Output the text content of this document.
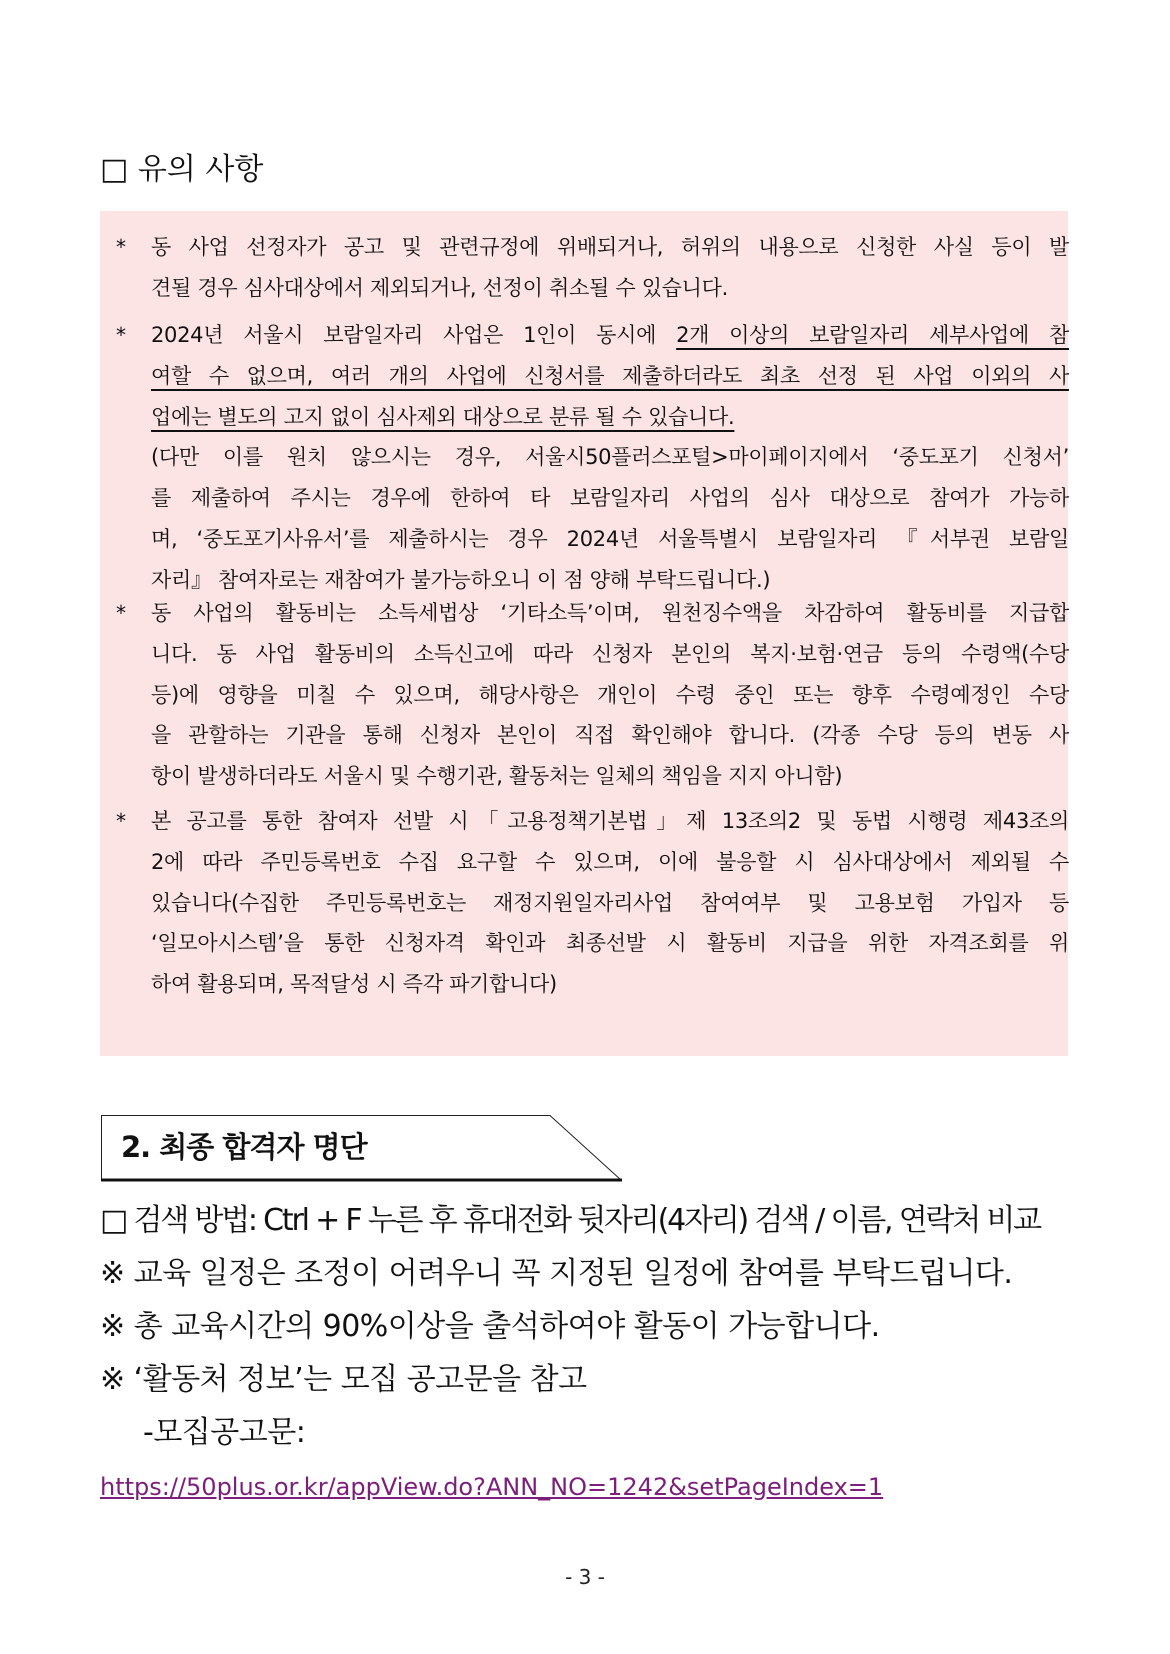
□ 유의 사항
* 동 사업 선정자가 공고 및 관련규정에 위배되거나, 허위의 내용으로 신청한 사실 등이 발
견될 경우 심사대상에서 제외되거나, 선정이 취소될 수 있습니다.
* 2024년 서울시 보람일자리 사업은 1인이 동시에 2개 이상의 보람일자리 세부사업에 참
여할 수 없으며, 여러 개의 사업에 신청서를 제출하더라도 최초 선정 된 사업 이외의 사
업에는 별도의 고지 없이 심사제외 대상으로 분류 될 수 있습니다.
(다만 이를 원치 않으시는 경우, 서울시50플러스포털>마이페이지에서 ‘중도포기 신청서’
를 제출하여 주시는 경우에 한하여 타 보람일자리 사업의 심사 대상으로 참여가 가능하
며, ‘중도포기사유서’를 제출하시는 경우 2024년 서울특별시 보람일자리 『서부권 보람일
자리』 참여자로는 재참여가 불가능하오니 이 점 양해 부탁드립니다.)
* 동 사업의 활동비는 소득세법상 ‘기타소득’이며, 원천징수액을 차감하여 활동비를 지급합
니다. 동 사업 활동비의 소득신고에 따라 신청자 본인의 복지·보험·연금 등의 수령액(수당
등)에 영향을 미칠 수 있으며, 해당사항은 개인이 수령 중인 또는 향후 수령예정인 수당
을 관할하는 기관을 통해 신청자 본인이 직접 확인해야 합니다. (각종 수당 등의 변동 사
항이 발생하더라도 서울시 및 수행기관, 활동처는 일체의 책임을 지지 아니함)
* 본 공고를 통한 참여자 선발 시「고용정책기본법」제 13조의2 및 동법 시행령 제43조의
2에 따라 주민등록번호 수집 요구할 수 있으며, 이에 불응할 시 심사대상에서 제외될 수
있습니다(수집한 주민등록번호는 재정지원일자리사업 참여여부 및 고용보험 가입자 등
‘일모아시스템’을 통한 신청자격 확인과 최종선발 시 활동비 지급을 위한 자격조회를 위
하여 활용되며, 목적달성 시 즉각 파기합니다)
2. 최종 합격자 명단
□ 검색 방법: Ctrl + F 누른 후 휴대전화 뒷자리(4자리) 검색 / 이름, 연락처 비교
※ 교육 일정은 조정이 어려우니 꼭 지정된 일정에 참여를 부탁드립니다.
※ 총 교육시간의 90%이상을 출석하여야 활동이 가능합니다.
※ ‘활동처 정보’는 모집 공고문을 참고
-모집공고문:
https://50plus.or.kr/appView.do?ANN_NO=1242&setPageIndex=1
- 3 -
